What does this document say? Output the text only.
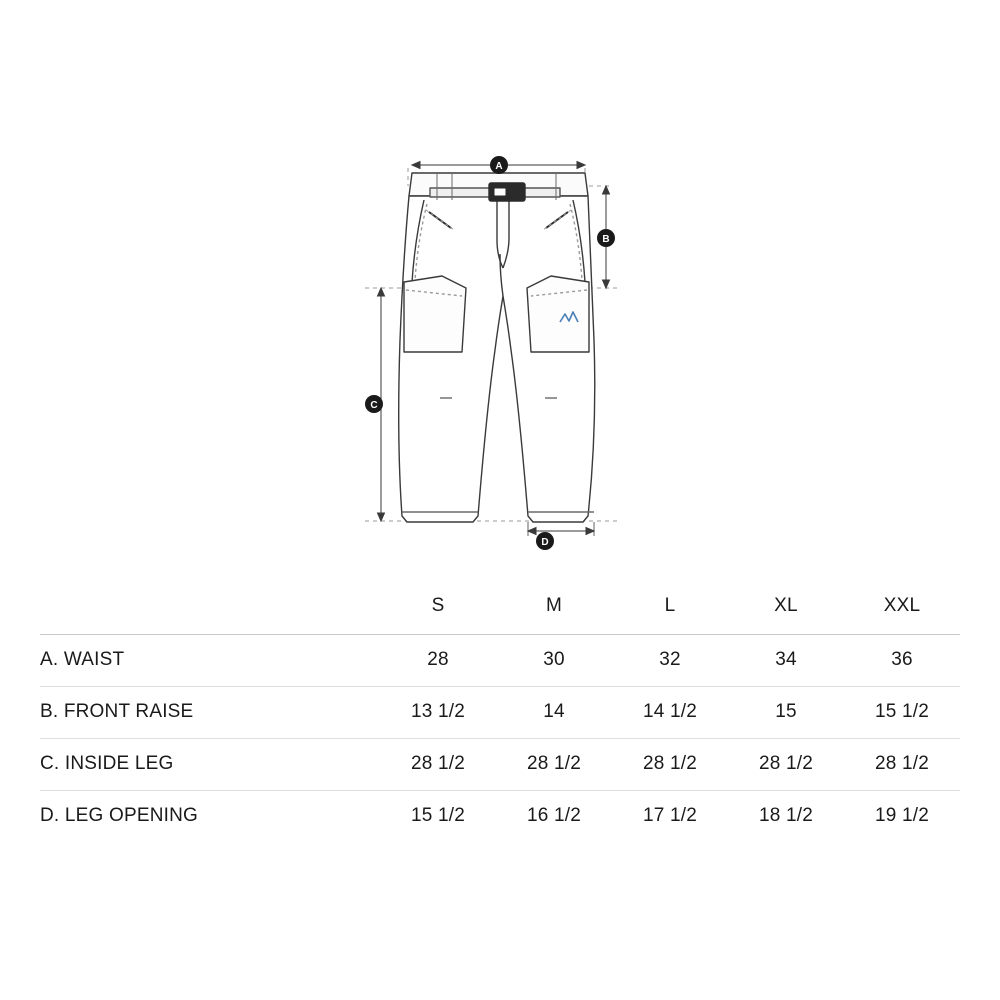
A
B
C
D
	S	M	L	XL	XXL
A. WAIST	28	30	32	34	36
B. FRONT RAISE	13 1/2	14	14 1/2	15	15 1/2
C. INSIDE LEG	28 1/2	28 1/2	28 1/2	28 1/2	28 1/2
D. LEG OPENING	15 1/2	16 1/2	17 1/2	18 1/2	19 1/2
